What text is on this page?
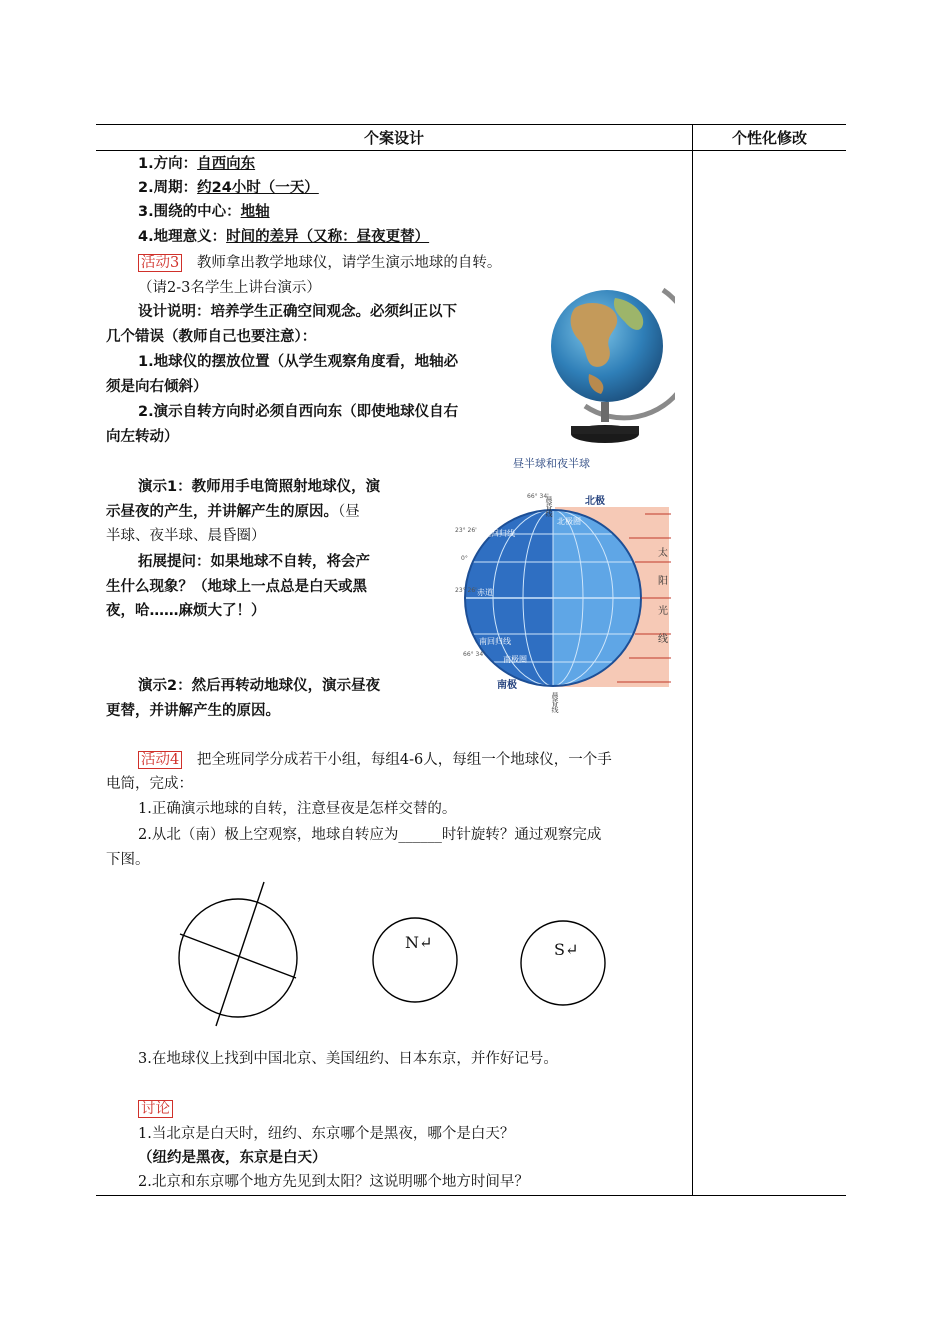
个案设计	个性化修改
1.方向：自西向东
2.周期：约24小时（一天）
3.围绕的中心：地轴
4.地理意义：时间的差异（又称：昼夜更替）
活动3 教师拿出教学地球仪，请学生演示地球的自转。
（请2-3名学生上讲台演示）
设计说明：培养学生正确空间观念。必须纠正以下
几个错误（教师自己也要注意）：
1.地球仪的摆放位置（从学生观察角度看，地轴必
须是向右倾斜）
2.演示自转方向时必须自西向东（即使地球仪自右
向左转动）
昼半球和夜半球
北极
南极
北极圈
北回归线
赤道
南回归线
南极圈
晨昏线
晨昏线
66° 34'
23° 26'
0°
23° 26'
66° 34'
太
阳
光
线
演示1：教师用手电筒照射地球仪，演
示昼夜的产生，并讲解产生的原因。（昼
半球、夜半球、晨昏圈）
拓展提问：如果地球不自转，将会产
生什么现象？（地球上一点总是白天或黑
夜，哈……麻烦大了！）
演示2：然后再转动地球仪，演示昼夜
更替，并讲解产生的原因。
活动4 把全班同学分成若干小组，每组4-6人，每组一个地球仪，一个手
电筒，完成：
1.正确演示地球的自转，注意昼夜是怎样交替的。
2.从北（南）极上空观察，地球自转应为______时针旋转？通过观察完成
下图。
N↵	S↵
3.在地球仪上找到中国北京、美国纽约、日本东京，并作好记号。
讨论
1.当北京是白天时，纽约、东京哪个是黑夜，哪个是白天？
（纽约是黑夜，东京是白天）
2.北京和东京哪个地方先见到太阳？这说明哪个地方时间早？
